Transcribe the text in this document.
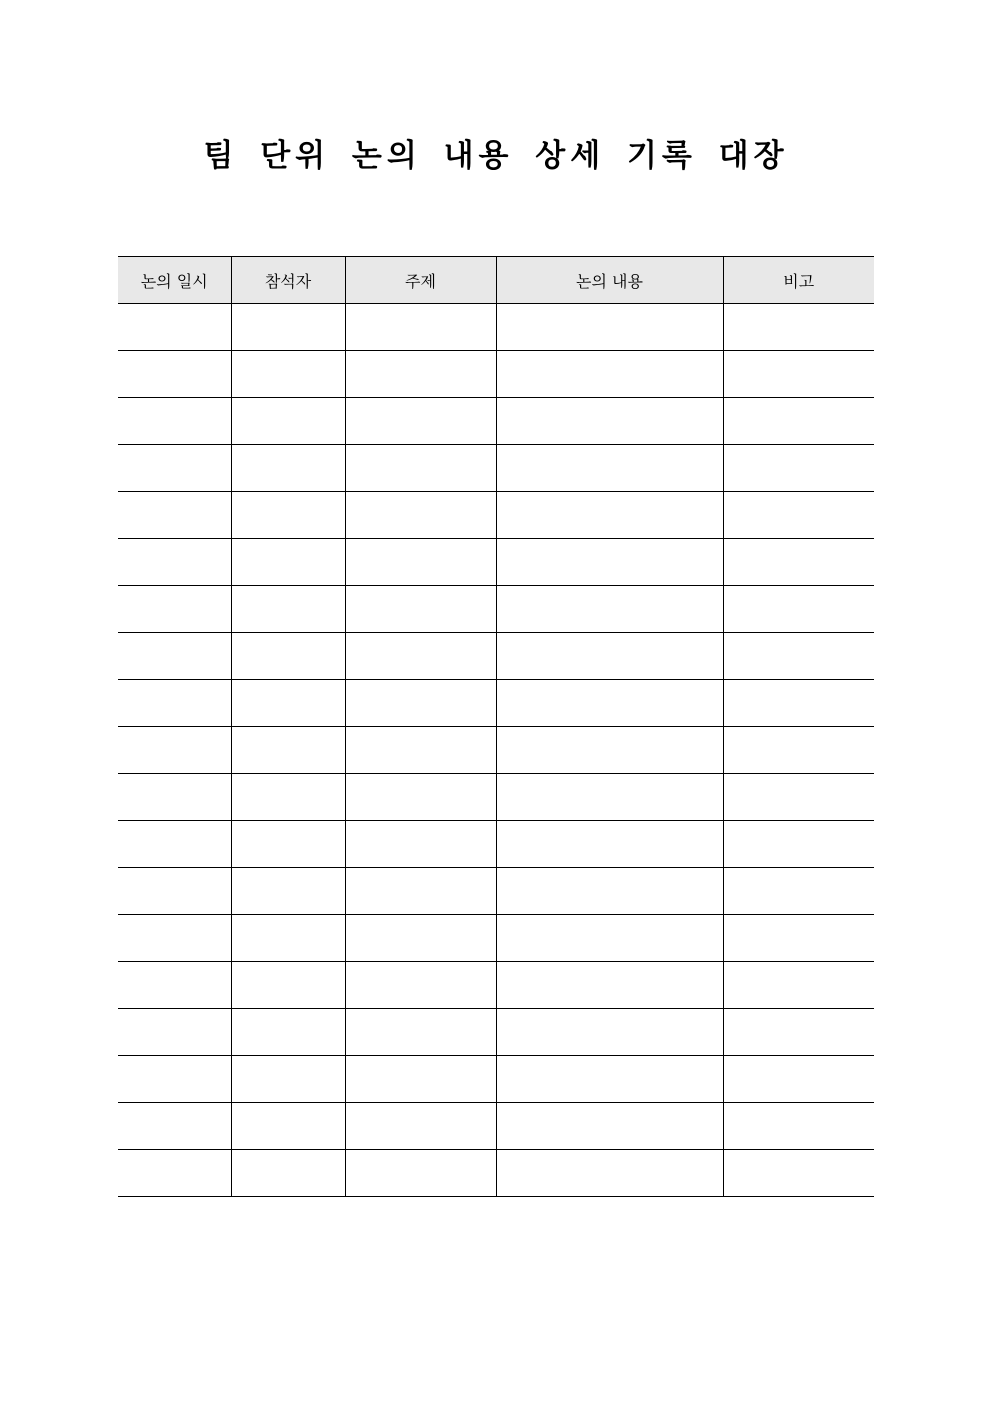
팀 단위 논의 내용 상세 기록 대장
논의 일시	참석자	주제	논의 내용	비고
